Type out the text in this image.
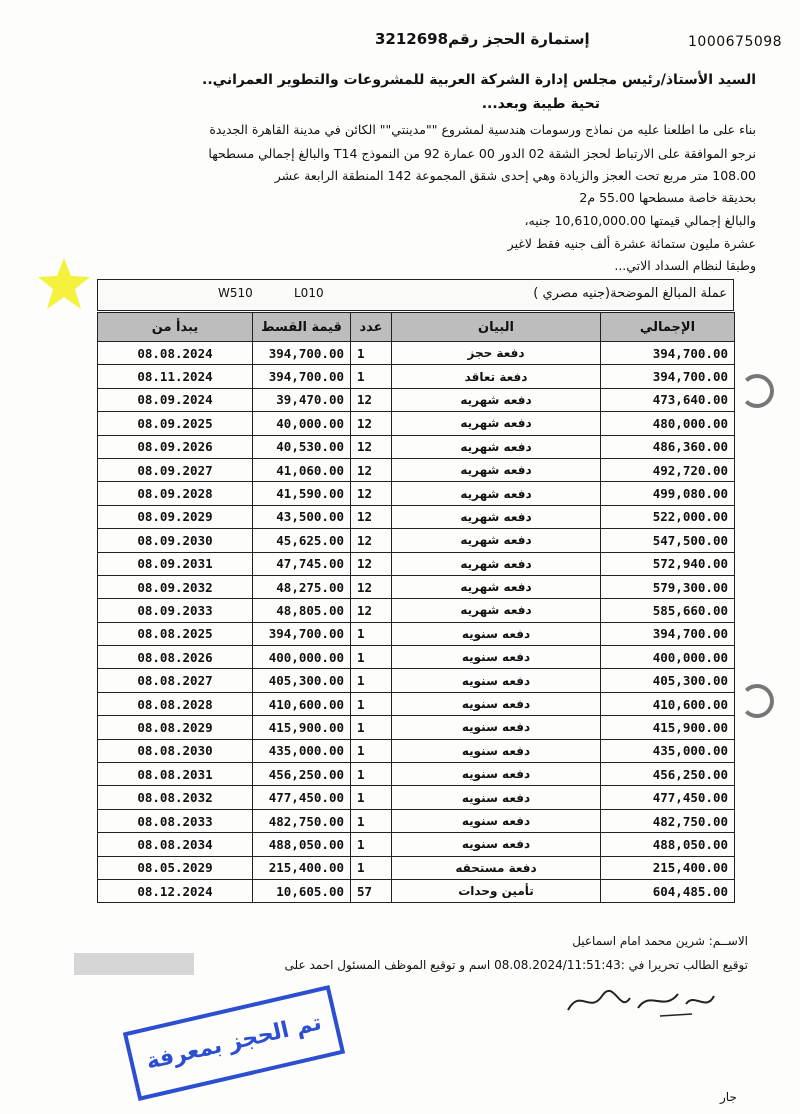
1000675098
إستمارة الحجز رقم3212698
السيد الأستاذ/رئيس مجلس إدارة الشركة العربية للمشروعات والتطوير العمراني..
تحية طيبة وبعد...
بناء على ما اطلعنا عليه من نماذج ورسومات هندسية لمشروع ""مدينتي"" الكائن في مدينة القاهرة الجديدة
نرجو الموافقة على الارتباط لحجز الشقة 02 الدور 00 عمارة 92 من النموذج T14 والبالغ إجمالي مسطحها
108.00 متر مربع تحت العجز والزيادة وهي إحدى شقق المجموعة 142 المنطقة الرابعة عشر
بحديقة خاصة مسطحها 55.00 م2
والبالغ إجمالي قيمتها 10,610,000.00 جنيه،
عشرة مليون ستمائة عشرة ألف جنيه فقط لاغير
وطبقا لنظام السداد الاتي...
عملة المبالغ الموضحة(جنيه مصري )
W510	L010
يبدأ من	قيمة القسط	عدد	البيان	الإجمالي
08.08.2024	394,700.00	1	دفعة حجز	394,700.00
08.11.2024	394,700.00	1	دفعة تعاقد	394,700.00
08.09.2024	39,470.00	12	دفعه شهريه	473,640.00
08.09.2025	40,000.00	12	دفعه شهريه	480,000.00
08.09.2026	40,530.00	12	دفعه شهريه	486,360.00
08.09.2027	41,060.00	12	دفعه شهريه	492,720.00
08.09.2028	41,590.00	12	دفعه شهريه	499,080.00
08.09.2029	43,500.00	12	دفعه شهريه	522,000.00
08.09.2030	45,625.00	12	دفعه شهريه	547,500.00
08.09.2031	47,745.00	12	دفعه شهريه	572,940.00
08.09.2032	48,275.00	12	دفعه شهريه	579,300.00
08.09.2033	48,805.00	12	دفعه شهريه	585,660.00
08.08.2025	394,700.00	1	دفعه سنويه	394,700.00
08.08.2026	400,000.00	1	دفعه سنويه	400,000.00
08.08.2027	405,300.00	1	دفعه سنويه	405,300.00
08.08.2028	410,600.00	1	دفعه سنويه	410,600.00
08.08.2029	415,900.00	1	دفعه سنويه	415,900.00
08.08.2030	435,000.00	1	دفعه سنويه	435,000.00
08.08.2031	456,250.00	1	دفعه سنويه	456,250.00
08.08.2032	477,450.00	1	دفعه سنويه	477,450.00
08.08.2033	482,750.00	1	دفعه سنويه	482,750.00
08.08.2034	488,050.00	1	دفعه سنويه	488,050.00
08.05.2029	215,400.00	1	دفعة مستحقه	215,400.00
08.12.2024	10,605.00	57	تأمين وحدات	604,485.00
الاســم: شرين محمد امام اسماعيل
توقيع الطالب تحريرا في :08.08.2024/11:51:43 اسم و توقيع الموظف المسئول احمد على
تم الحجز بمعرفة
جار
